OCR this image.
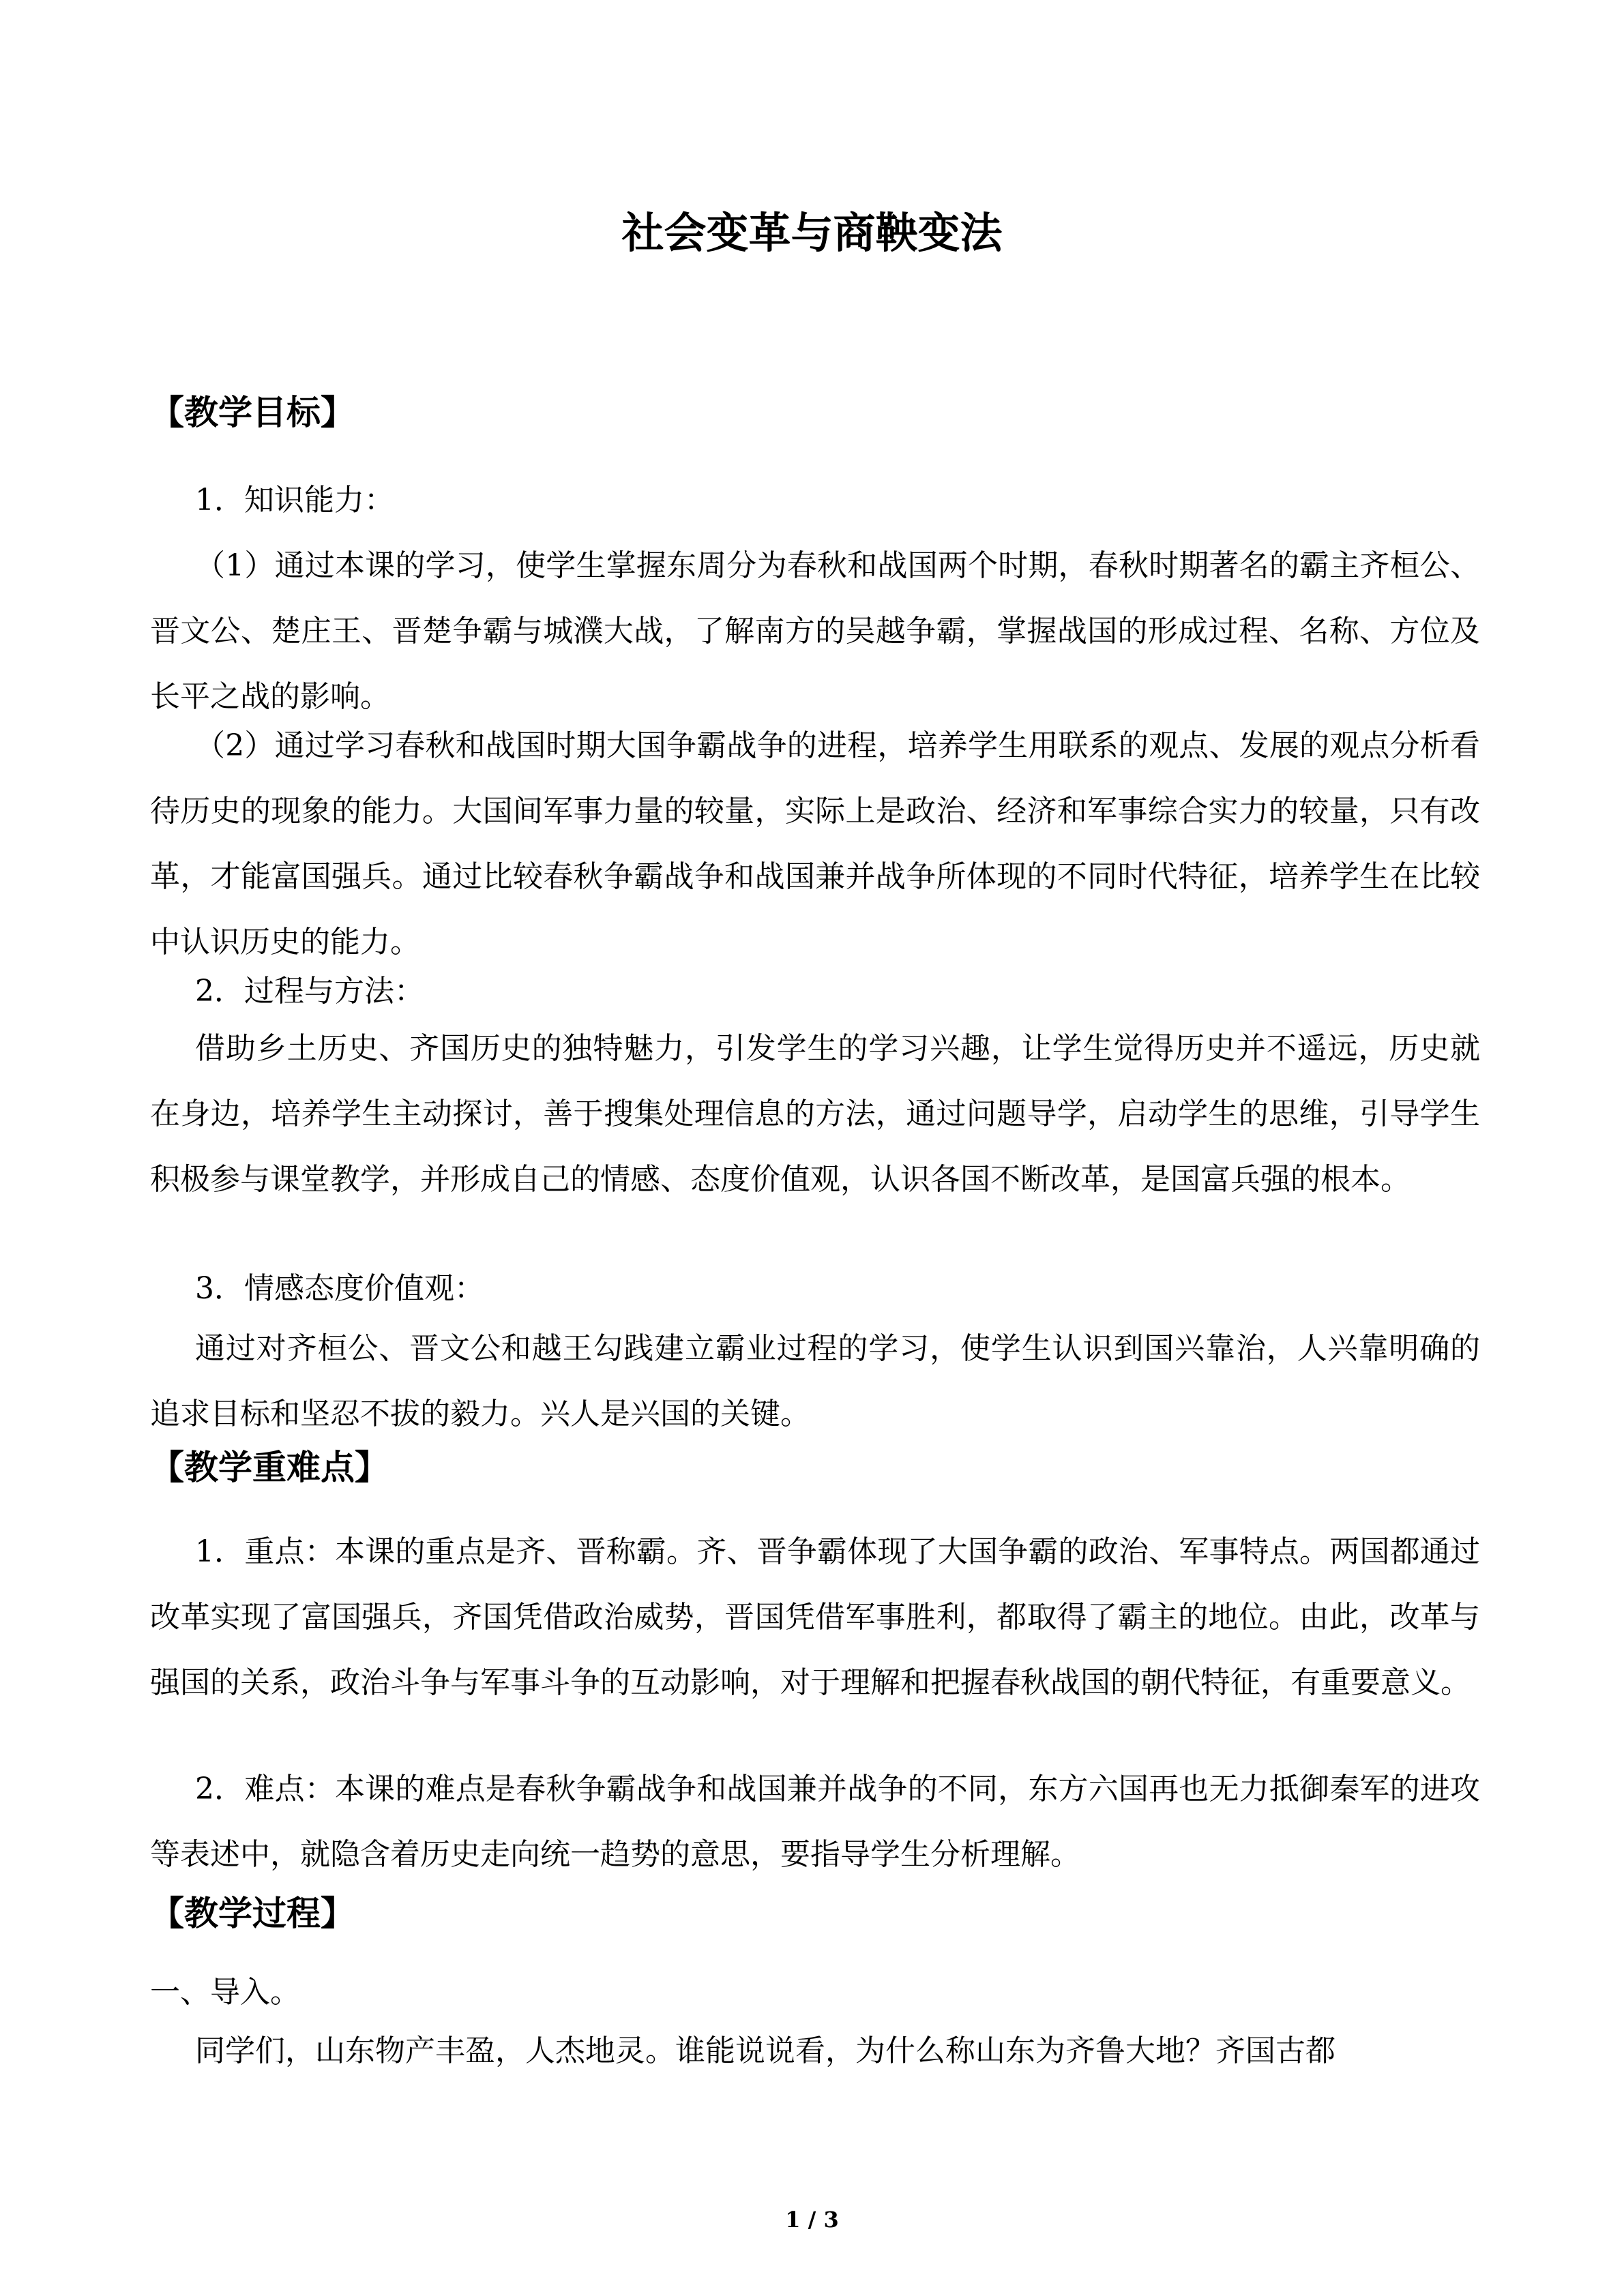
社会变革与商鞅变法
【教学目标】

1．知识能力：

（1）通过本课的学习，使学生掌握东周分为春秋和战国两个时期，春秋时期著名的霸主齐桓公、晋文公、楚庄王、晋楚争霸与城濮大战，了解南方的吴越争霸，掌握战国的形成过程、名称、方位及长平之战的影响。

（2）通过学习春秋和战国时期大国争霸战争的进程，培养学生用联系的观点、发展的观点分析看待历史的现象的能力。大国间军事力量的较量，实际上是政治、经济和军事综合实力的较量，只有改革，才能富国强兵。通过比较春秋争霸战争和战国兼并战争所体现的不同时代特征，培养学生在比较中认识历史的能力。

2．过程与方法：

借助乡土历史、齐国历史的独特魅力，引发学生的学习兴趣，让学生觉得历史并不遥远，历史就在身边，培养学生主动探讨，善于搜集处理信息的方法，通过问题导学，启动学生的思维，引导学生积极参与课堂教学，并形成自己的情感、态度价值观，认识各国不断改革，是国富兵强的根本。

3．情感态度价值观：

通过对齐桓公、晋文公和越王勾践建立霸业过程的学习，使学生认识到国兴靠治，人兴靠明确的追求目标和坚忍不拔的毅力。兴人是兴国的关键。

【教学重难点】

1．重点：本课的重点是齐、晋称霸。齐、晋争霸体现了大国争霸的政治、军事特点。两国都通过改革实现了富国强兵，齐国凭借政治威势，晋国凭借军事胜利，都取得了霸主的地位。由此，改革与强国的关系，政治斗争与军事斗争的互动影响，对于理解和把握春秋战国的朝代特征，有重要意义。

2．难点：本课的难点是春秋争霸战争和战国兼并战争的不同，东方六国再也无力抵御秦军的进攻等表述中，就隐含着历史走向统一趋势的意思，要指导学生分析理解。

【教学过程】

一、导入。

同学们，山东物产丰盈，人杰地灵。谁能说说看，为什么称山东为齐鲁大地？齐国古都

1 / 3
